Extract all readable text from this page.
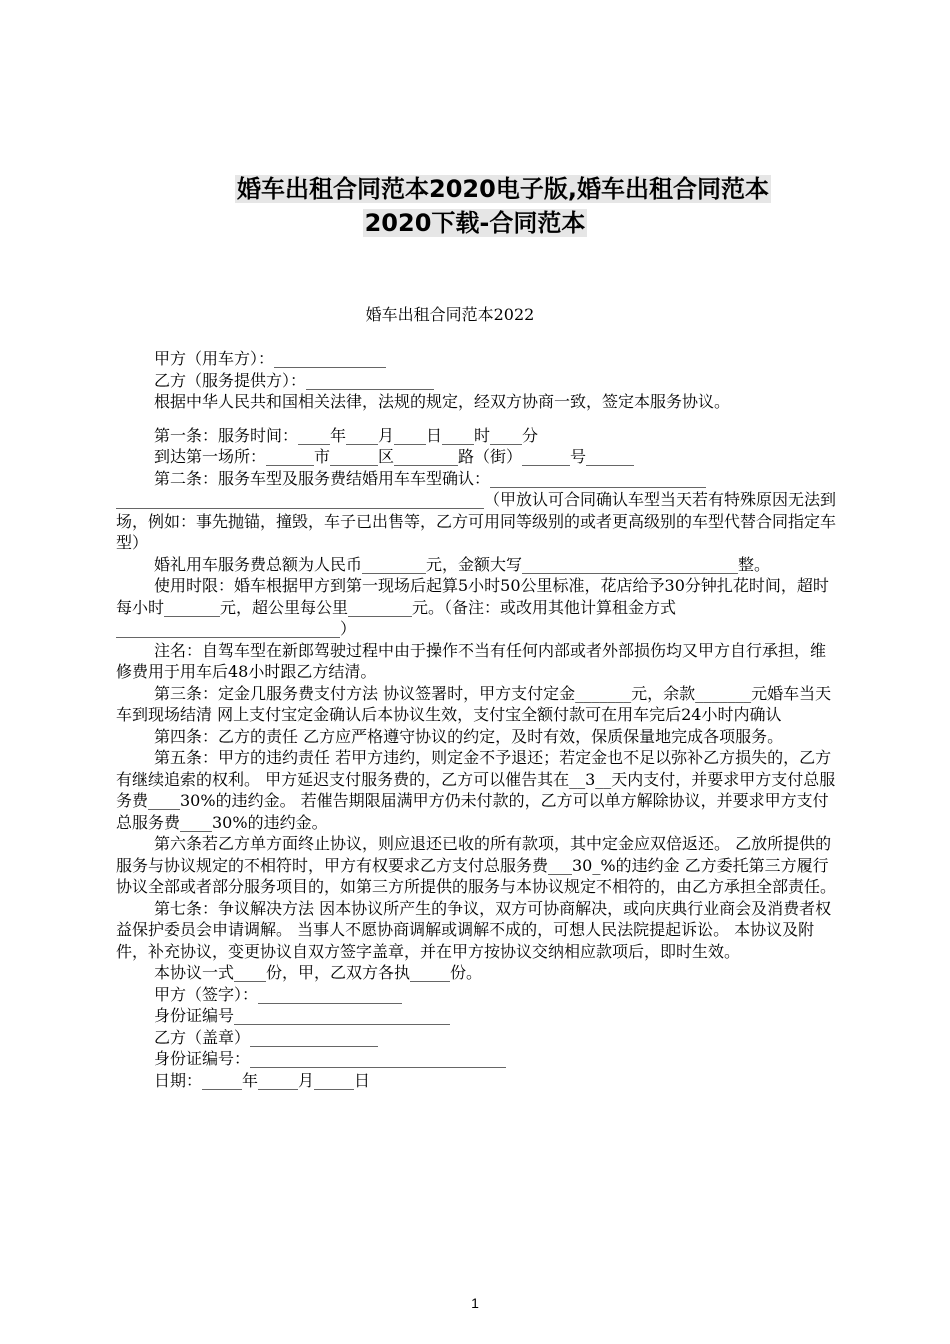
婚车出租合同范本2020电子版,婚车出租合同范本
2020下载-合同范本
婚车出租合同范本2022

甲方（用车方）：______________

乙方（服务提供方）：________________

根据中华人民共和国相关法律，法规的规定，经双方协商一致，签定本服务协议。

第一条：服务时间：____年____月____日____时____分

到达第一场所：______市______区________路（街）______号______

第二条：服务车型及服务费结婚用车车型确认：___________________________ ______________________________________________（甲放认可合同确认车型当天若有特殊原因无法到场，例如：事先抛锚，撞毁，车子已出售等，乙方可用同等级别的或者更高级别的车型代替合同指定车型）

婚礼用车服务费总额为人民币________元，金额大写___________________________整。

使用时限：婚车根据甲方到第一现场后起算5小时50公里标准，花店给予30分钟扎花时间，超时每小时_______元，超公里每公里________元。（备注：或改用其他计算租金方式____________________________）

注名：自驾车型在新郎驾驶过程中由于操作不当有任何内部或者外部损伤均又甲方自行承担，维修费用于用车后48小时跟乙方结清。

第三条：定金几服务费支付方法 协议签署时，甲方支付定金_______元，余款_______元婚车当天车到现场结清 网上支付宝定金确认后本协议生效，支付宝全额付款可在用车完后24小时内确认

第四条：乙方的责任 乙方应严格遵守协议的约定，及时有效，保质保量地完成各项服务。

第五条：甲方的违约责任 若甲方违约，则定金不予退还；若定金也不足以弥补乙方损失的，乙方有继续追索的权利。 甲方延迟支付服务费的，乙方可以催告其在__3__天内支付，并要求甲方支付总服务费____30%的违约金。 若催告期限届满甲方仍未付款的，乙方可以单方解除协议，并要求甲方支付总服务费____30%的违约金。

第六条若乙方单方面终止协议，则应退还已收的所有款项，其中定金应双倍返还。 乙放所提供的服务与协议规定的不相符时，甲方有权要求乙方支付总服务费___30_%的违约金 乙方委托第三方履行协议全部或者部分服务项目的，如第三方所提供的服务与本协议规定不相符的，由乙方承担全部责任。

第七条：争议解决方法 因本协议所产生的争议，双方可协商解决，或向庆典行业商会及消费者权益保护委员会申请调解。 当事人不愿协商调解或调解不成的，可想人民法院提起诉讼。 本协议及附件，补充协议，变更协议自双方签字盖章，并在甲方按协议交纳相应款项后，即时生效。

本协议一式____份，甲，乙双方各执_____份。

甲方（签字）：__________________

身份证编号___________________________

乙方（盖章）________________

身份证编号：________________________________

日期：_____年_____月_____日

1
